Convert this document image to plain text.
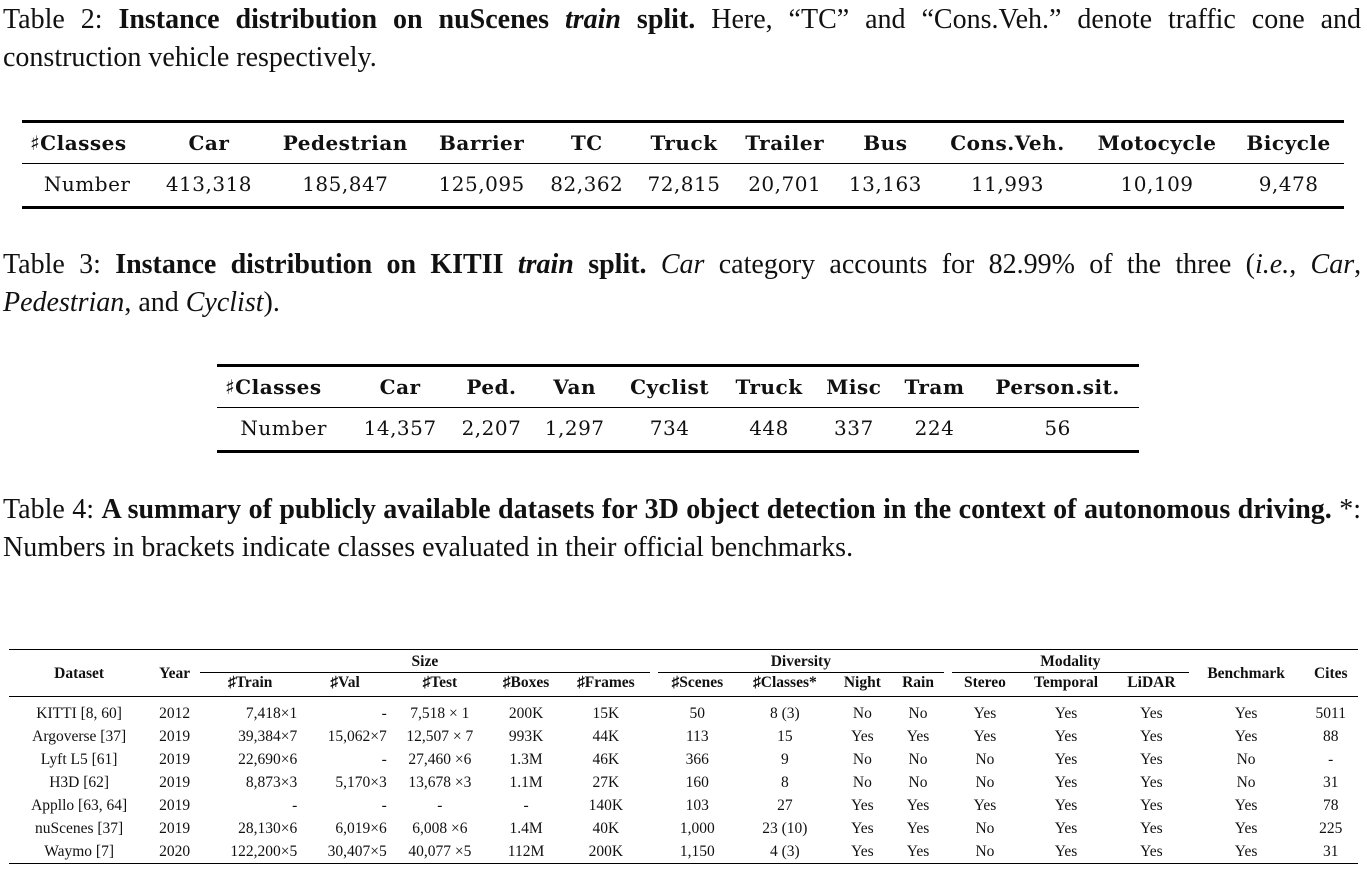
Table 2: Instance distribution on nuScenes train split. Here, “TC” and “Cons.Veh.” denote traffic cone and construction vehicle respectively.
♯Classes	Car	Pedestrian	Barrier	TC	Truck	Trailer	Bus	Cons.Veh.	Motocycle	Bicycle
Number	413,318	185,847	125,095	82,362	72,815	20,701	13,163	11,993	10,109	9,478
Table 3: Instance distribution on KITII train split. Car category accounts for 82.99% of the three (i.e., Car, Pedestrian, and Cyclist).
♯Classes	Car	Ped.	Van	Cyclist	Truck	Misc	Tram	Person.sit.
Number	14,357	2,207	1,297	734	448	337	224	56
Table 4: A summary of publicly available datasets for 3D object detection in the context of autonomous driving. *: Numbers in brackets indicate classes evaluated in their official benchmarks.
Dataset	Year	Size						Diversity					Modality			Benchmark	Cites
		♯Train	♯Val	♯Test	♯Boxes	♯Frames		♯Scenes	♯Classes*	Night	Rain		Stereo	Temporal	LiDAR		
KITTI [8, 60]	2012	7,418×1	-	7,518 × 1	200K	15K		50	8 (3)	No	No		Yes	Yes	Yes	Yes	5011
Argoverse [37]	2019	39,384×7	15,062×7	12,507 × 7	993K	44K		113	15	Yes	Yes		Yes	Yes	Yes	Yes	88
Lyft L5 [61]	2019	22,690×6	-	27,460 ×6	1.3M	46K		366	9	No	No		No	Yes	Yes	No	-
H3D [62]	2019	8,873×3	5,170×3	13,678 ×3	1.1M	27K		160	8	No	No		No	Yes	Yes	No	31
Appllo [63, 64]	2019	-	-	-	-	140K		103	27	Yes	Yes		Yes	Yes	Yes	Yes	78
nuScenes [37]	2019	28,130×6	6,019×6	6,008 ×6	1.4M	40K		1,000	23 (10)	Yes	Yes		No	Yes	Yes	Yes	225
Waymo [7]	2020	122,200×5	30,407×5	40,077 ×5	112M	200K		1,150	4 (3)	Yes	Yes		No	Yes	Yes	Yes	31
